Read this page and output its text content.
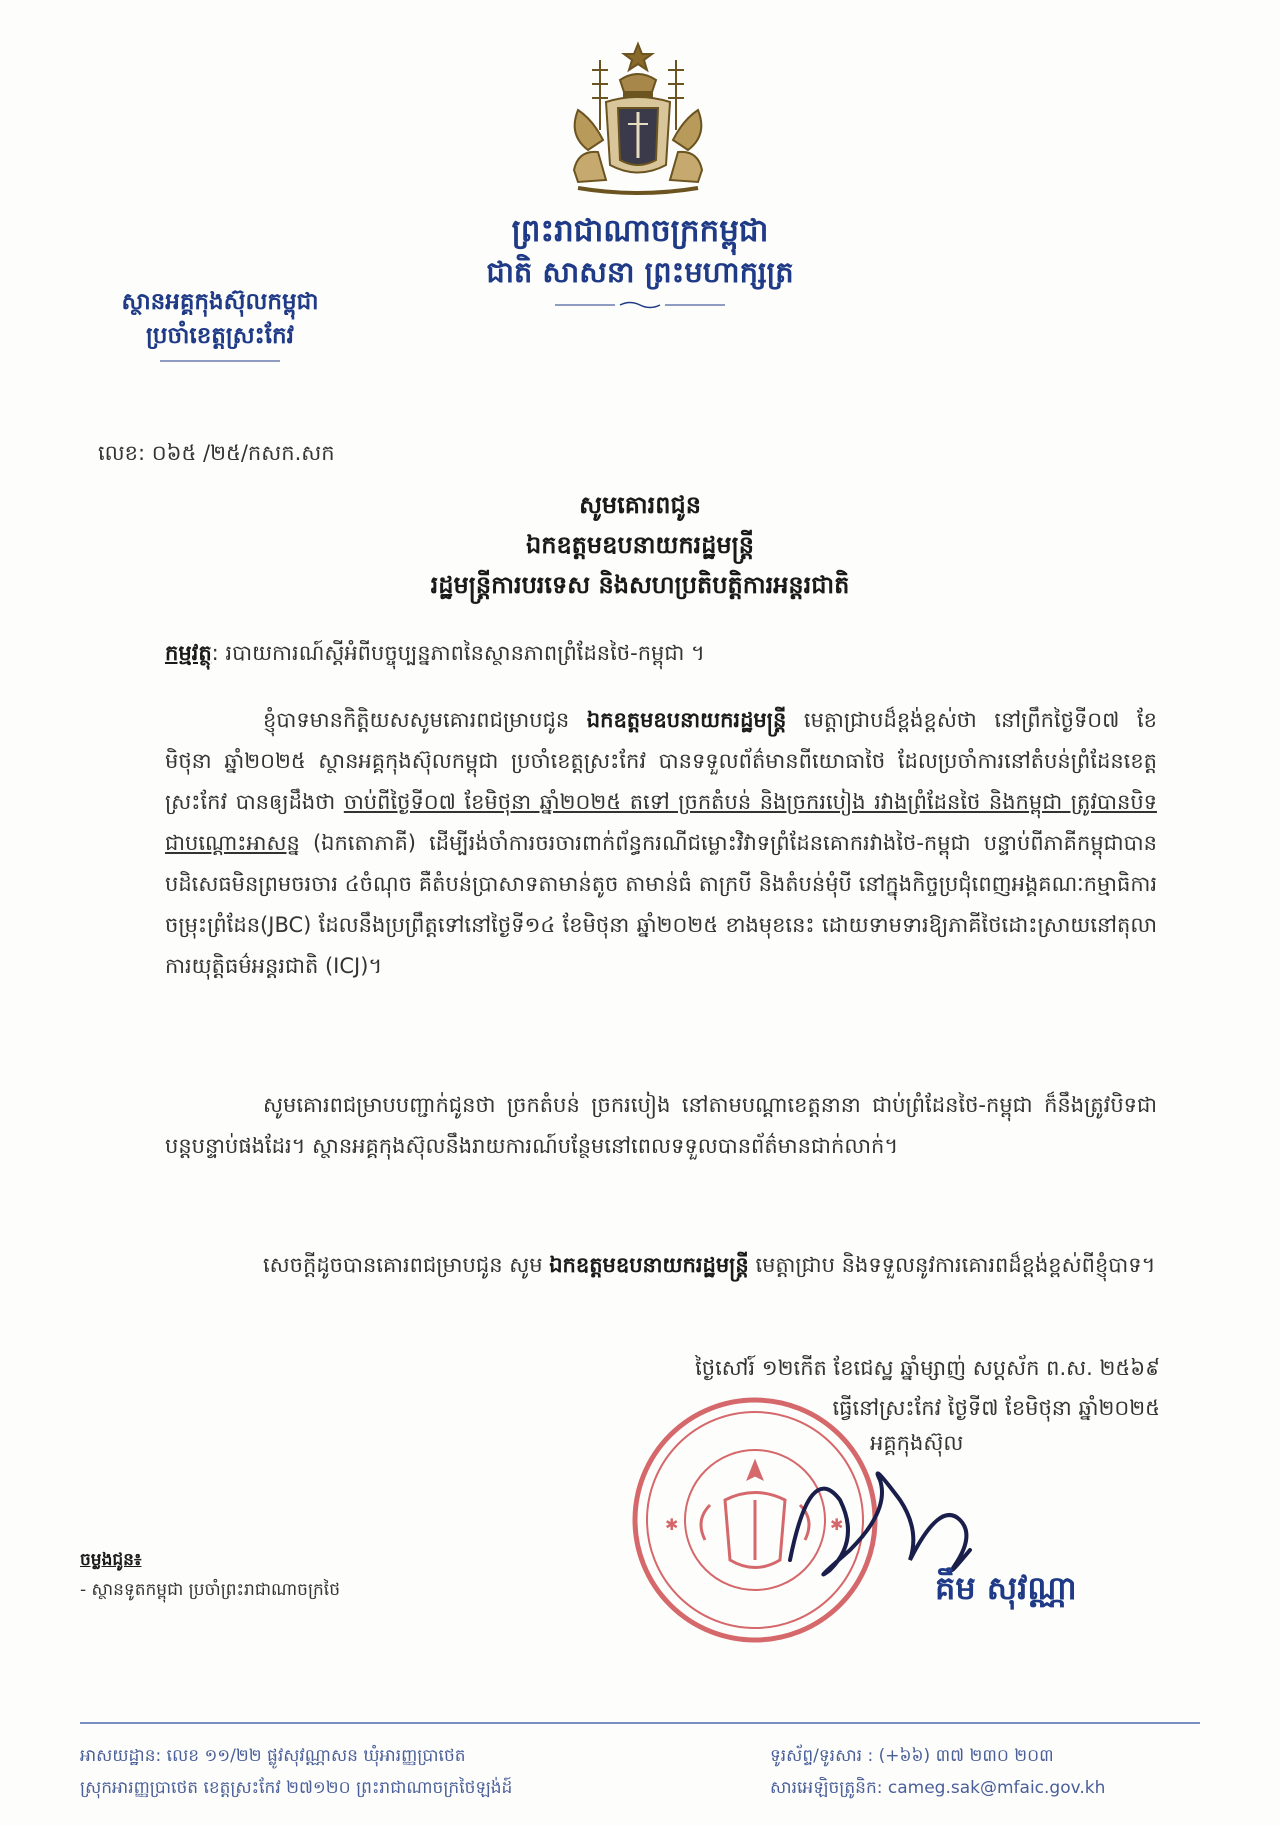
ព្រះរាជាណាចក្រកម្ពុជា
ជាតិ សាសនា ព្រះមហាក្សត្រ
ស្ថានអគ្គកុងស៊ុលកម្ពុជា
ប្រចាំខេត្តស្រះកែវ
លេខ: ០៦៥ /២៥/កសក.សក
សូមគោរពជូន
ឯកឧត្តមឧបនាយករដ្ឋមន្ត្រី
រដ្ឋមន្ត្រីការបរទេស និងសហប្រតិបត្តិការអន្តរជាតិ
កម្មវត្ថុ: របាយការណ៍ស្តីអំពីបច្ចុប្បន្នភាពនៃស្ថានភាពព្រំដែនថៃ-កម្ពុជា ។
ខ្ញុំបាទមានកិត្តិយសសូមគោរពជម្រាបជូន ឯកឧត្តមឧបនាយករដ្ឋមន្ត្រី មេត្តាជ្រាបដ៏ខ្ពង់ខ្ពស់ថា នៅព្រឹកថ្ងៃទី០៧ ខែមិថុនា ឆ្នាំ២០២៥ ស្ថានអគ្គកុងស៊ុលកម្ពុជា ប្រចាំខេត្តស្រះកែវ បានទទួលព័ត៌មានពីយោធាថៃ ដែលប្រចាំការនៅតំបន់ព្រំដែនខេត្តស្រះកែវ បានឲ្យដឹងថា ចាប់ពីថ្ងៃទី០៧ ខែមិថុនា ឆ្នាំ២០២៥ តទៅ ច្រកតំបន់ និងច្រករបៀង រវាងព្រំដែនថៃ និងកម្ពុជា ត្រូវបានបិទជាបណ្តោះអាសន្ន (ឯកតោភាគី) ដើម្បីរង់ចាំការចរចារពាក់ព័ន្ធករណីជម្លោះវិវាទព្រំដែនគោករវាងថៃ-កម្ពុជា បន្ទាប់ពីភាគីកម្ពុជាបានបដិសេធមិនព្រមចរចារ ៤ចំណុច គឺតំបន់ប្រាសាទតាមាន់តូច តាមាន់ធំ តាក្របី និងតំបន់មុំបី នៅក្នុងកិច្ចប្រជុំពេញអង្គគណៈកម្មាធិការចម្រុះព្រំដែន(JBC) ដែលនឹងប្រព្រឹត្តទៅនៅថ្ងៃទី១៤ ខែមិថុនា ឆ្នាំ២០២៥ ខាងមុខនេះ ដោយទាមទារឱ្យភាគីថៃដោះស្រាយនៅតុលាការយុត្តិធម៌អន្តរជាតិ (ICJ)។
សូមគោរពជម្រាបបញ្ជាក់ជូនថា ច្រកតំបន់ ច្រករបៀង នៅតាមបណ្តាខេត្តនានា ជាប់ព្រំដែនថៃ-កម្ពុជា ក៏នឹងត្រូវបិទជាបន្តបន្ទាប់ផងដែរ។ ស្ថានអគ្គកុងស៊ុលនឹងរាយការណ៍បន្ថែមនៅពេលទទួលបានព័ត៌មានជាក់លាក់។
សេចក្តីដូចបានគោរពជម្រាបជូន សូម ឯកឧត្តមឧបនាយករដ្ឋមន្ត្រី មេត្តាជ្រាប និងទទួលនូវការគោរពដ៏ខ្ពង់ខ្ពស់ពីខ្ញុំបាទ។
ថ្ងៃសៅរ៍ ១២កើត ខែជេស្ឋ ឆ្នាំម្សាញ់ សប្តស័ក ព.ស. ២៥៦៩
ធ្វើនៅស្រះកែវ ថ្ងៃទី៧ ខែមិថុនា ឆ្នាំ២០២៥
✱	✱
អគ្គកុងស៊ុល
គឹម សុវណ្ណា
ចម្លងជូន៖
- ស្ថានទូតកម្ពុជា ប្រចាំព្រះរាជាណាចក្រថៃ
អាសយដ្ឋាន: លេខ ១១/២២ ផ្លូវសុវណ្ណាសន ឃុំអារញ្ញប្រាថេត
ស្រុកអារញ្ញប្រាថេត ខេត្តស្រះកែវ ២៧១២០ ព្រះរាជាណាចក្រថៃឡង់ដ៍
ទូរស័ព្ទ/ទូរសារ : (+៦៦) ៣៧ ២៣០ ២០៣
សារអេឡិចត្រូនិក: cameg.sak@mfaic.gov.kh
